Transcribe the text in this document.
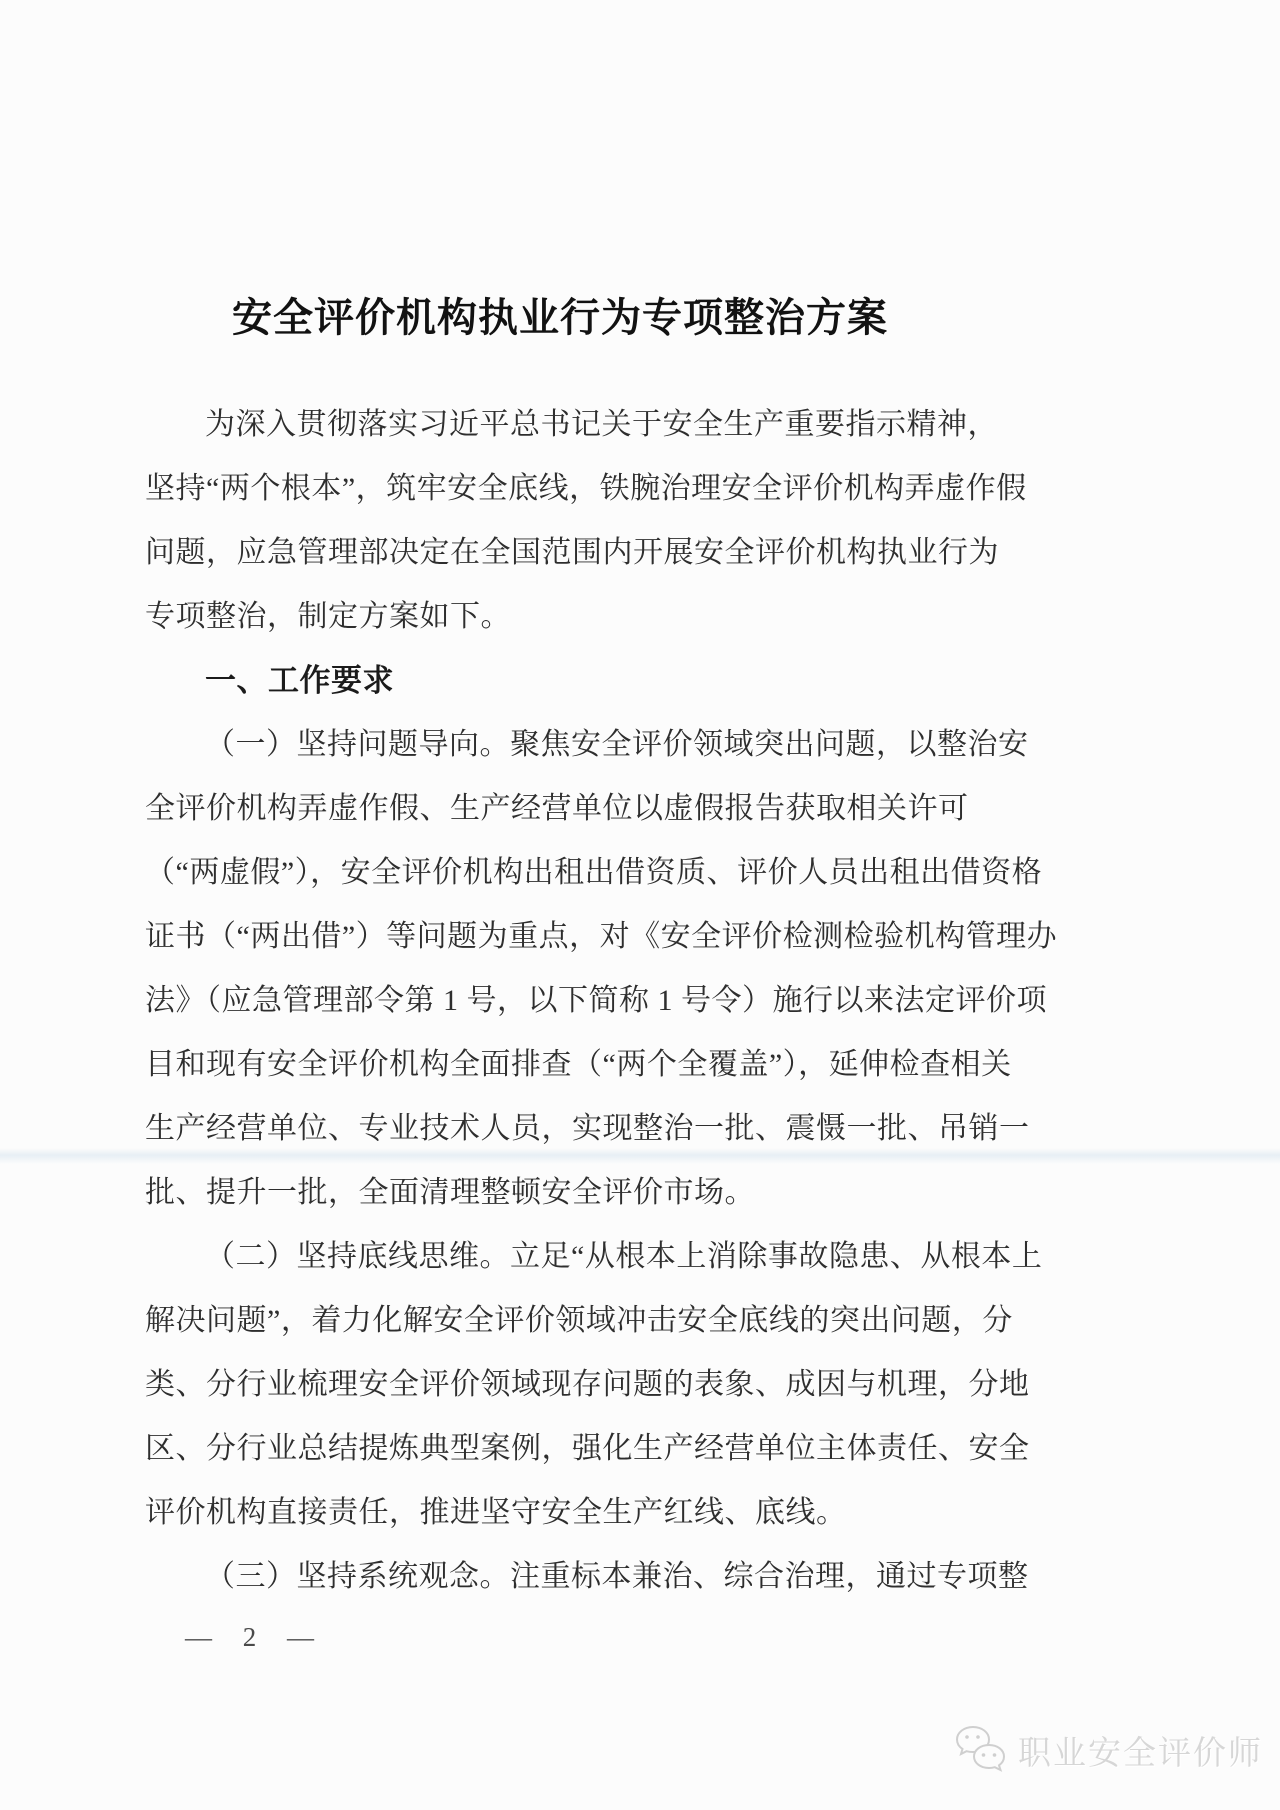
安全评价机构执业行为专项整治方案
为深入贯彻落实习近平总书记关于安全生产重要指示精神，
坚持“两个根本”，筑牢安全底线，铁腕治理安全评价机构弄虚作假
问题，应急管理部决定在全国范围内开展安全评价机构执业行为
专项整治，制定方案如下。
一、工作要求
（一）坚持问题导向。聚焦安全评价领域突出问题，以整治安
全评价机构弄虚作假、生产经营单位以虚假报告获取相关许可
（“两虚假”），安全评价机构出租出借资质、评价人员出租出借资格
证书（“两出借”）等问题为重点，对《安全评价检测检验机构管理办
法》（应急管理部令第 1 号，以下简称 1 号令）施行以来法定评价项
目和现有安全评价机构全面排查（“两个全覆盖”），延伸检查相关
生产经营单位、专业技术人员，实现整治一批、震慑一批、吊销一
批、提升一批，全面清理整顿安全评价市场。
（二）坚持底线思维。立足“从根本上消除事故隐患、从根本上
解决问题”，着力化解安全评价领域冲击安全底线的突出问题，分
类、分行业梳理安全评价领域现存问题的表象、成因与机理，分地
区、分行业总结提炼典型案例，强化生产经营单位主体责任、安全
评价机构直接责任，推进坚守安全生产红线、底线。
（三）坚持系统观念。注重标本兼治、综合治理，通过专项整
— 2 —
职业安全评价师
